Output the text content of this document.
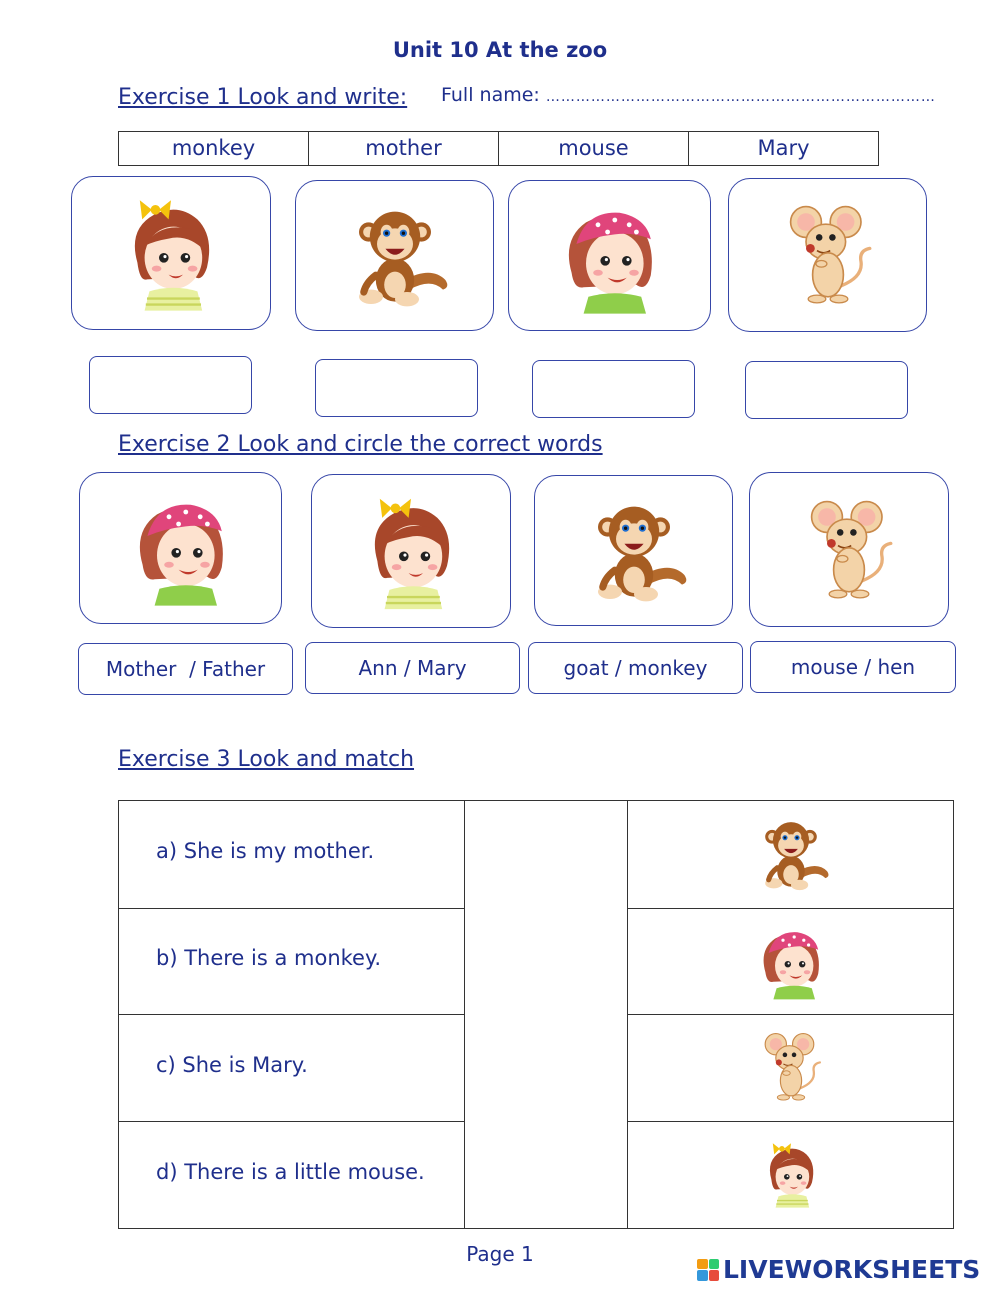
Unit 10 At the zoo
Exercise 1 Look and write: Full name: ……………………………………………………………………
monkey	mother	mouse	Mary
Exercise 2 Look and circle the correct words
Mother  / Father	Ann / Mary	goat / monkey	mouse / hen
Exercise 3 Look and match
a) She is my mother.
b) There is a monkey.
c) She is Mary.
d) There is a little mouse.
Page 1
LIVEWORKSHEETS
